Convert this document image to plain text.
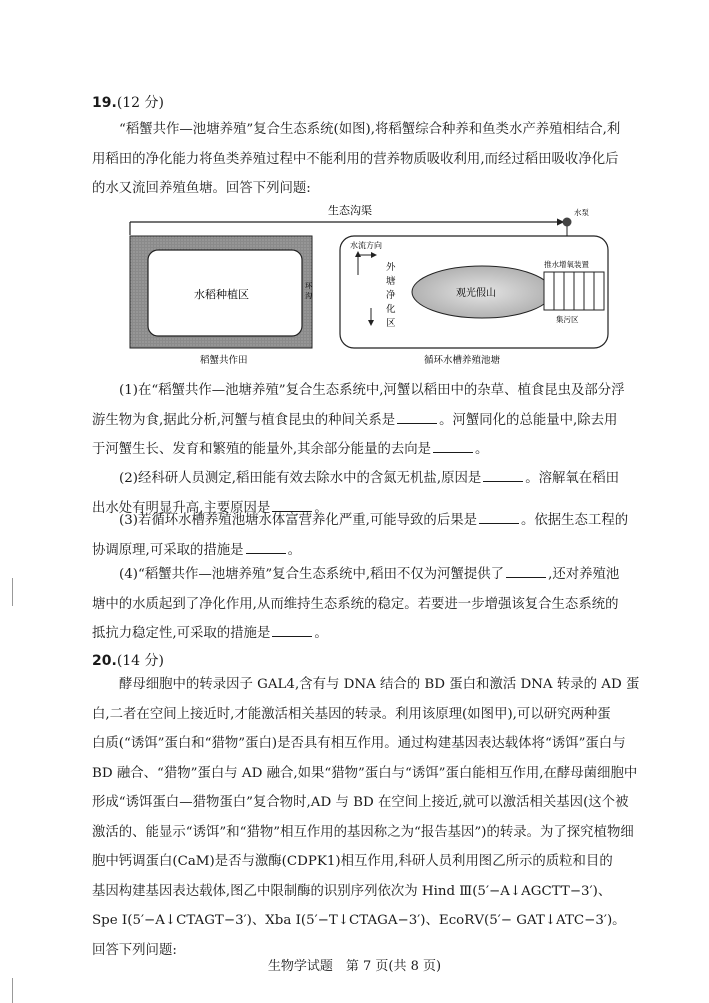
19.(12 分)
“稻蟹共作—池塘养殖”复合生态系统(如图),将稻蟹综合种养和鱼类水产养殖相结合,利
用稻田的净化能力将鱼类养殖过程中不能利用的营养物质吸收利用,而经过稻田吸收净化后
的水又流回养殖鱼塘。回答下列问题:
生态沟渠	水泵
水稻种植区
环 沟
稻蟹共作田
水流方向
外
塘
净
化
区
观光假山
推水增氧装置
集污区
循环水槽养殖池塘
(1)在“稻蟹共作—池塘养殖”复合生态系统中,河蟹以稻田中的杂草、植食昆虫及部分浮
游生物为食,据此分析,河蟹与植食昆虫的种间关系是	。河蟹同化的总能量中,除去用
于河蟹生长、发育和繁殖的能量外,其余部分能量的去向是	。
(2)经科研人员测定,稻田能有效去除水中的含氮无机盐,原因是	。溶解氧在稻田
出水处有明显升高,主要原因是	。
(3)若循环水槽养殖池塘水体富营养化严重,可能导致的后果是	。依据生态工程的
协调原理,可采取的措施是	。
(4)“稻蟹共作—池塘养殖”复合生态系统中,稻田不仅为河蟹提供了	,还对养殖池
塘中的水质起到了净化作用,从而维持生态系统的稳定。若要进一步增强该复合生态系统的
抵抗力稳定性,可采取的措施是	。
20.(14 分)
酵母细胞中的转录因子 GAL4,含有与 DNA 结合的 BD 蛋白和激活 DNA 转录的 AD 蛋
白,二者在空间上接近时,才能激活相关基因的转录。利用该原理(如图甲),可以研究两种蛋
白质(“诱饵”蛋白和“猎物”蛋白)是否具有相互作用。通过构建基因表达载体将“诱饵”蛋白与
BD 融合、“猎物”蛋白与 AD 融合,如果“猎物”蛋白与“诱饵”蛋白能相互作用,在酵母菌细胞中
形成“诱饵蛋白—猎物蛋白”复合物时,AD 与 BD 在空间上接近,就可以激活相关基因(这个被
激活的、能显示“诱饵”和“猎物”相互作用的基因称之为“报告基因”)的转录。为了探究植物细
胞中钙调蛋白(CaM)是否与激酶(CDPK1)相互作用,科研人员利用图乙所示的质粒和目的
基因构建基因表达载体,图乙中限制酶的识别序列依次为 Hind Ⅲ(5′−A↓AGCTT−3′)、
Spe Ⅰ(5′−A↓CTAGT−3′)、Xba Ⅰ(5′−T↓CTAGA−3′)、EcoRⅤ(5′− GAT↓ATC−3′)。
回答下列问题:
生物学试题　第 7 页(共 8 页)
